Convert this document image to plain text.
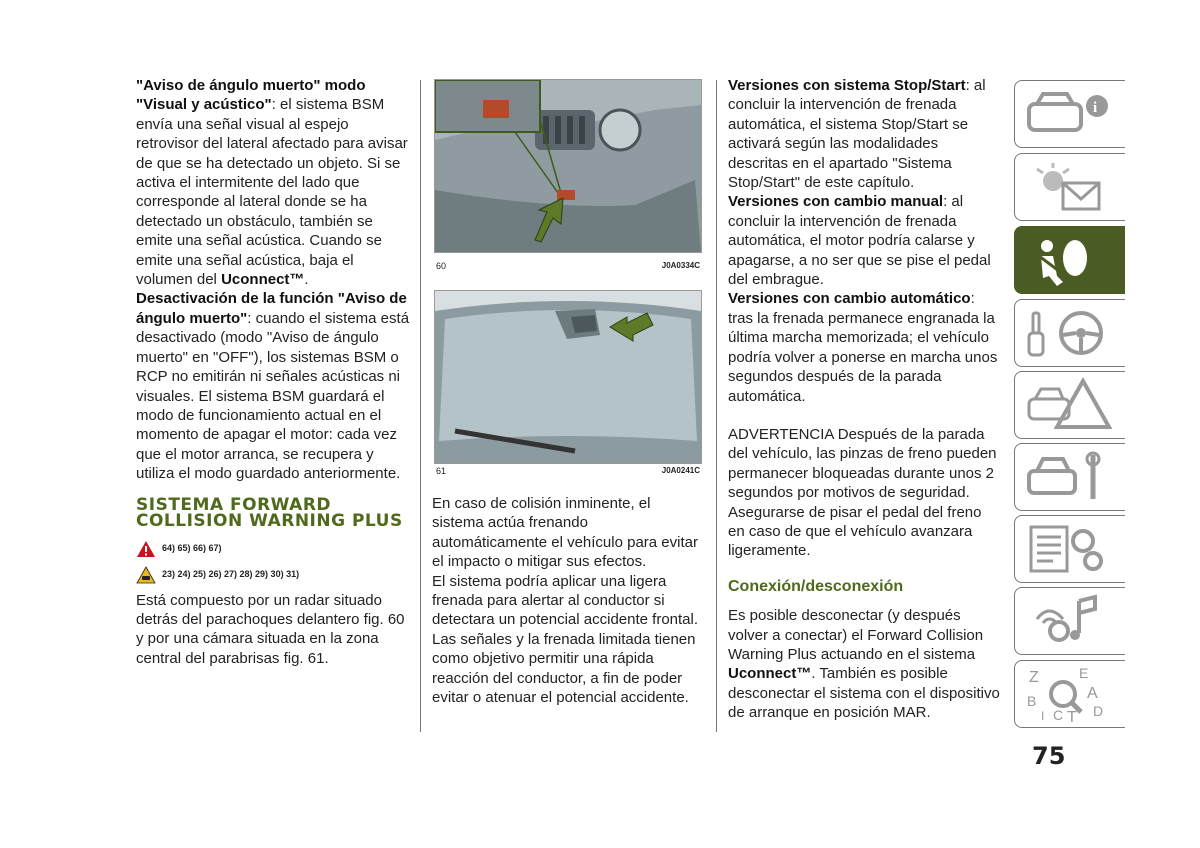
"Aviso de ángulo muerto" modo "Visual y acústico": el sistema BSM envía una señal visual al espejo retrovisor del lateral afectado para avisar de que se ha detectado un objeto. Si se activa el intermitente del lado que corresponde al lateral donde se ha detectado un obstáculo, también se emite una señal acústica. Cuando se emite una señal acústica, baja el volumen del Uconnect™.

Desactivación de la función "Aviso de ángulo muerto": cuando el sistema está desactivado (modo "Aviso de ángulo muerto" en "OFF"), los sistemas BSM o RCP no emitirán ni señales acústicas ni visuales. El sistema BSM guardará el modo de funcionamiento actual en el momento de apagar el motor: cada vez que el motor arranca, se recupera y utiliza el modo guardado anteriormente.

SISTEMA FORWARD COLLISION WARNING PLUS
64) 65) 66) 67)
23) 24) 25) 26) 27) 28) 29) 30) 31)

Está compuesto por un radar situado detrás del parachoques delantero fig. 60 y por una cámara situada en la zona central del parabrisas fig. 61.

60	J0A0334C
61	J0A0241C

En caso de colisión inminente, el sistema actúa frenando automáticamente el vehículo para evitar el impacto o mitigar sus efectos.

El sistema podría aplicar una ligera frenada para alertar al conductor si detectara un potencial accidente frontal. Las señales y la frenada limitada tienen como objetivo permitir una rápida reacción del conductor, a fin de poder evitar o atenuar el potencial accidente.

Versiones con sistema Stop/Start: al concluir la intervención de frenada automática, el sistema Stop/Start se activará según las modalidades descritas en el apartado "Sistema Stop/Start" de este capítulo.

Versiones con cambio manual: al concluir la intervención de frenada automática, el motor podría calarse y apagarse, a no ser que se pise el pedal del embrague.

Versiones con cambio automático: tras la frenada permanece engranada la última marcha memorizada; el vehículo podría volver a ponerse en marcha unos segundos después de la parada automática.

ADVERTENCIA Después de la parada del vehículo, las pinzas de freno pueden permanecer bloqueadas durante unos 2 segundos por motivos de seguridad. Asegurarse de pisar el pedal del freno en caso de que el vehículo avanzara ligeramente.

Conexión/desconexión

Es posible desconectar (y después volver a conectar) el Forward Collision Warning Plus actuando en el sistema Uconnect™. También es posible desconectar el sistema con el dispositivo de arranque en posición MAR.

i
Z	E
B	A
C D
I T
75
